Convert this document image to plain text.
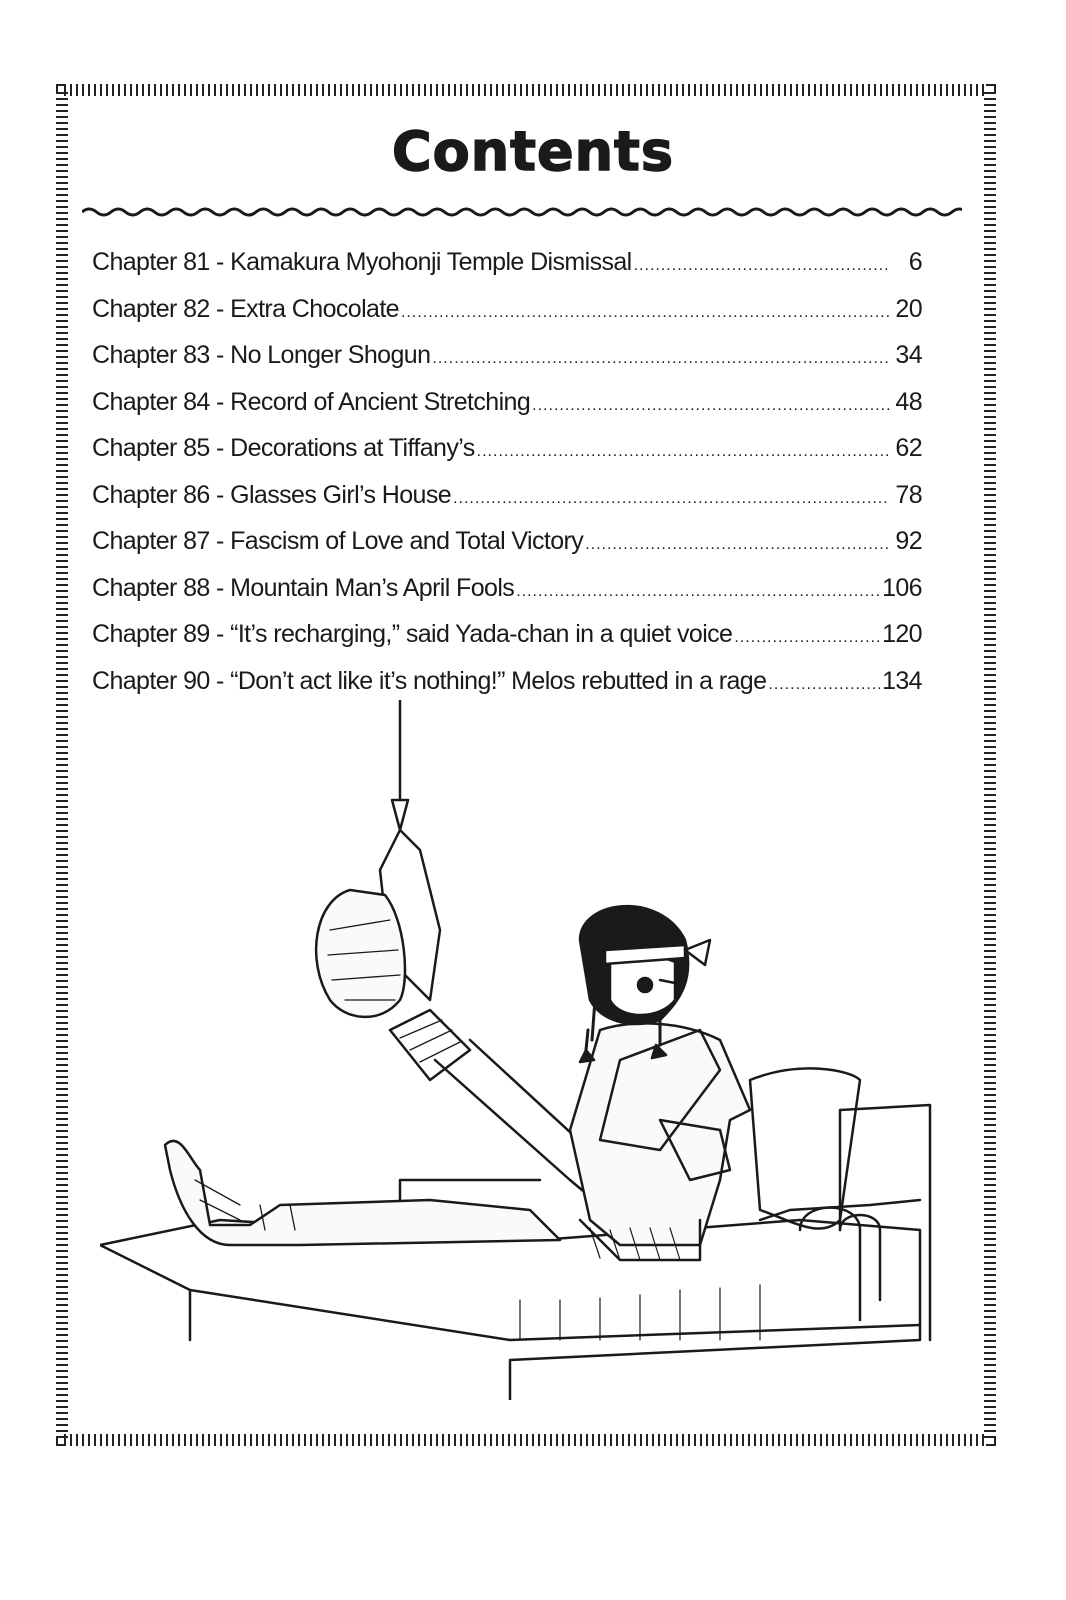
Contents
Chapter 81 - Kamakura Myohonji Temple Dismissal .....	6
Chapter 82 - Extra Chocolate .....	20
Chapter 83 - No Longer Shogun .....	34
Chapter 84 - Record of Ancient Stretching .....	48
Chapter 85 - Decorations at Tiffany’s .....	62
Chapter 86 - Glasses Girl’s House .....	78
Chapter 87 - Fascism of Love and Total Victory .....	92
Chapter 88 - Mountain Man’s April Fools .....	106
Chapter 89 - “It’s recharging,” said Yada-chan in a quiet voice .....	120
Chapter 90 - “Don’t act like it’s nothing!” Melos rebutted in a rage .....	134
